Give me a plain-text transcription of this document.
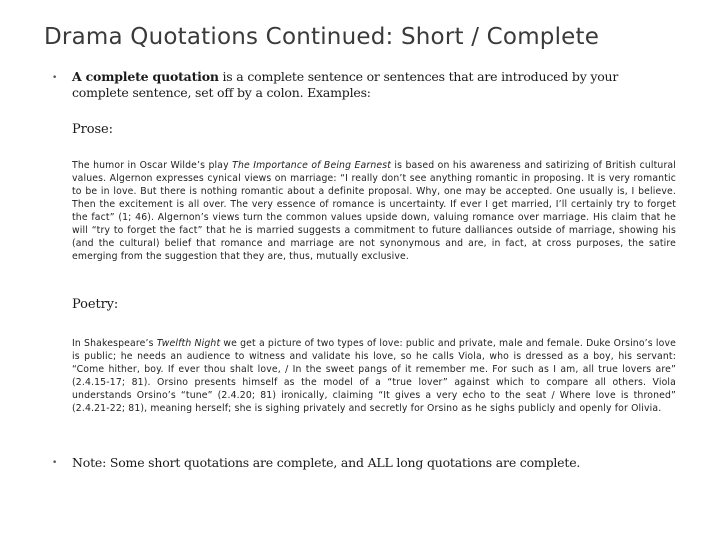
Drama Quotations Continued: Short / Complete
• A complete quotation is a complete sentence or sentences that are introduced by your complete sentence, set off by a colon. Examples:
Prose:
The humor in Oscar Wilde’s play The Importance of Being Earnest is based on his awareness and satirizing of British cultural values. Algernon expresses cynical views on marriage: “I really don’t see anything romantic in proposing. It is very romantic to be in love. But there is nothing romantic about a definite proposal. Why, one may be accepted. One usually is, I believe. Then the excitement is all over. The very essence of romance is uncertainty. If ever I get married, I’ll certainly try to forget the fact” (1; 46). Algernon’s views turn the common values upside down, valuing romance over marriage. His claim that he will “try to forget the fact” that he is married suggests a commitment to future dalliances outside of marriage, showing his (and the cultural) belief that romance and marriage are not synonymous and are, in fact, at cross purposes, the satire emerging from the suggestion that they are, thus, mutually exclusive.
Poetry:
In Shakespeare’s Twelfth Night we get a picture of two types of love: public and private, male and female. Duke Orsino’s love is public; he needs an audience to witness and validate his love, so he calls Viola, who is dressed as a boy, his servant: “Come hither, boy. If ever thou shalt love, / In the sweet pangs of it remember me. For such as I am, all true lovers are” (2.4.15-17; 81). Orsino presents himself as the model of a “true lover” against which to compare all others. Viola understands Orsino’s “tune” (2.4.20; 81) ironically, claiming “It gives a very echo to the seat / Where love is throned” (2.4.21-22; 81), meaning herself; she is sighing privately and secretly for Orsino as he sighs publicly and openly for Olivia.
• Note: Some short quotations are complete, and ALL long quotations are complete.
